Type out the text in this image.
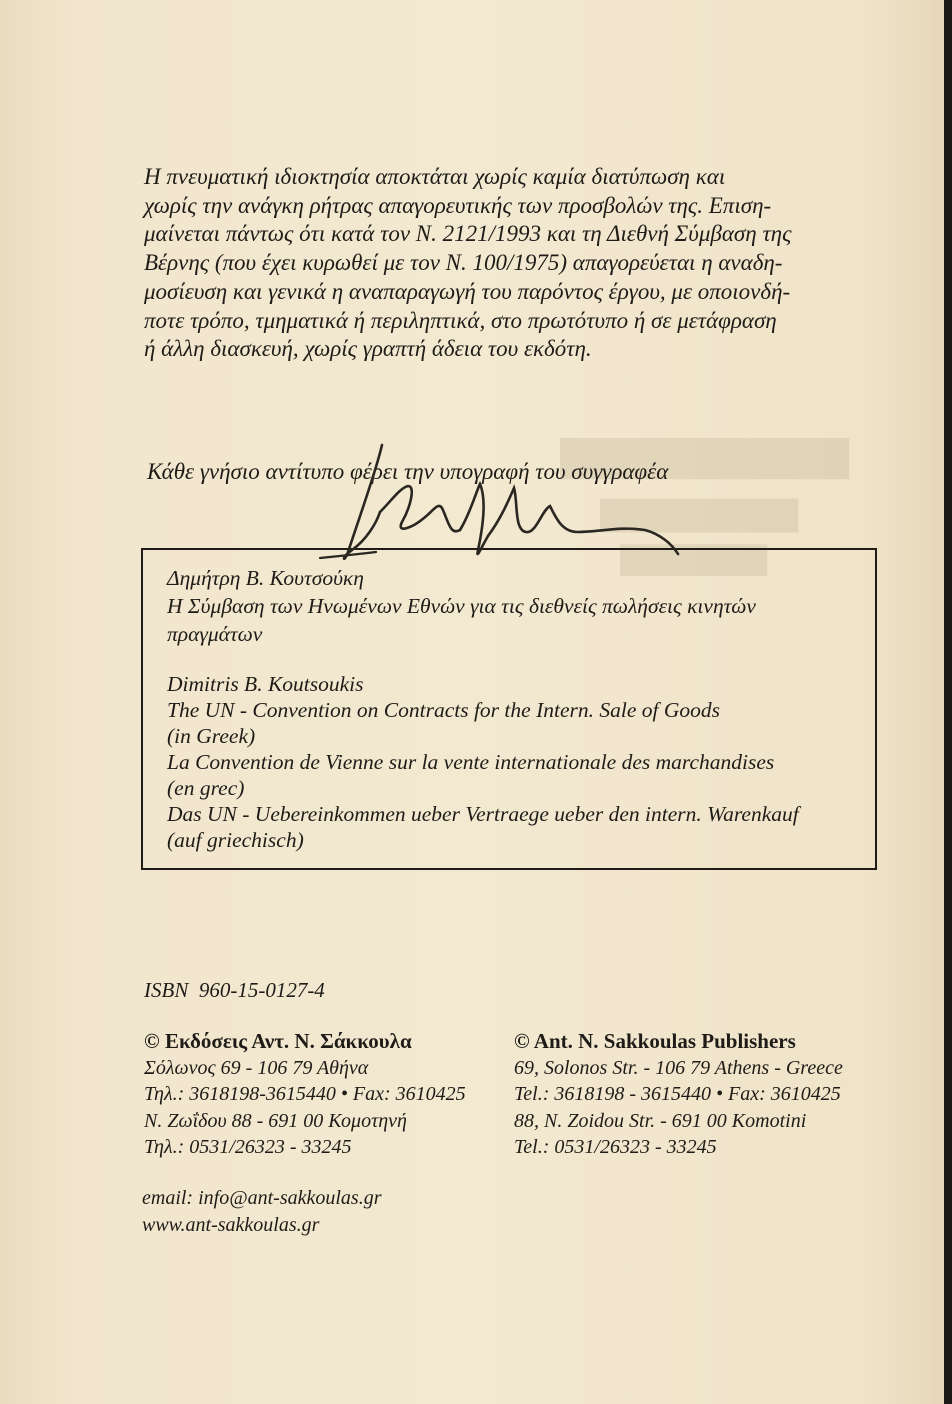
████████████
██████████
████████
Η πνευματική ιδιοκτησία αποκτάται χωρίς καμία διατύπωση και
χωρίς την ανάγκη ρήτρας απαγορευτικής των προσβολών της. Επιση-
μαίνεται πάντως ότι κατά τον Ν. 2121/1993 και τη Διεθνή Σύμβαση της
Βέρνης (που έχει κυρωθεί με τον Ν. 100/1975) απαγορεύεται η αναδη-
μοσίευση και γενικά η αναπαραγωγή του παρόντος έργου, με οποιονδή-
ποτε τρόπο, τμηματικά ή περιληπτικά, στο πρωτότυπο ή σε μετάφραση
ή άλλη διασκευή, χωρίς γραπτή άδεια του εκδότη.
Κάθε γνήσιο αντίτυπο φέρει την υπογραφή του συγγραφέα
Δημήτρη Β. Κουτσούκη
Η Σύμβαση των Ηνωμένων Εθνών για τις διεθνείς πωλήσεις κινητών
πραγμάτων
Dimitris B. Koutsoukis
The UN - Convention on Contracts for the Intern. Sale of Goods
(in Greek)
La Convention de Vienne sur la vente internationale des marchandises
(en grec)
Das UN - Uebereinkommen ueber Vertraege ueber den intern. Warenkauf
(auf griechisch)
ISBN  960-15-0127-4
© Εκδόσεις Αντ. Ν. Σάκκουλα
Σόλωνος 69 - 106 79 Αθήνα
Τηλ.: 3618198-3615440 • Fax: 3610425
Ν. Ζωΐδου 88 - 691 00 Κομοτηνή
Τηλ.: 0531/26323 - 33245
© Ant. N. Sakkoulas Publishers
69, Solonos Str. - 106 79 Athens - Greece
Tel.: 3618198 - 3615440 • Fax: 3610425
88, N. Zoidou Str. - 691 00 Komotini
Tel.: 0531/26323 - 33245
email: info@ant-sakkoulas.gr
www.ant-sakkoulas.gr
